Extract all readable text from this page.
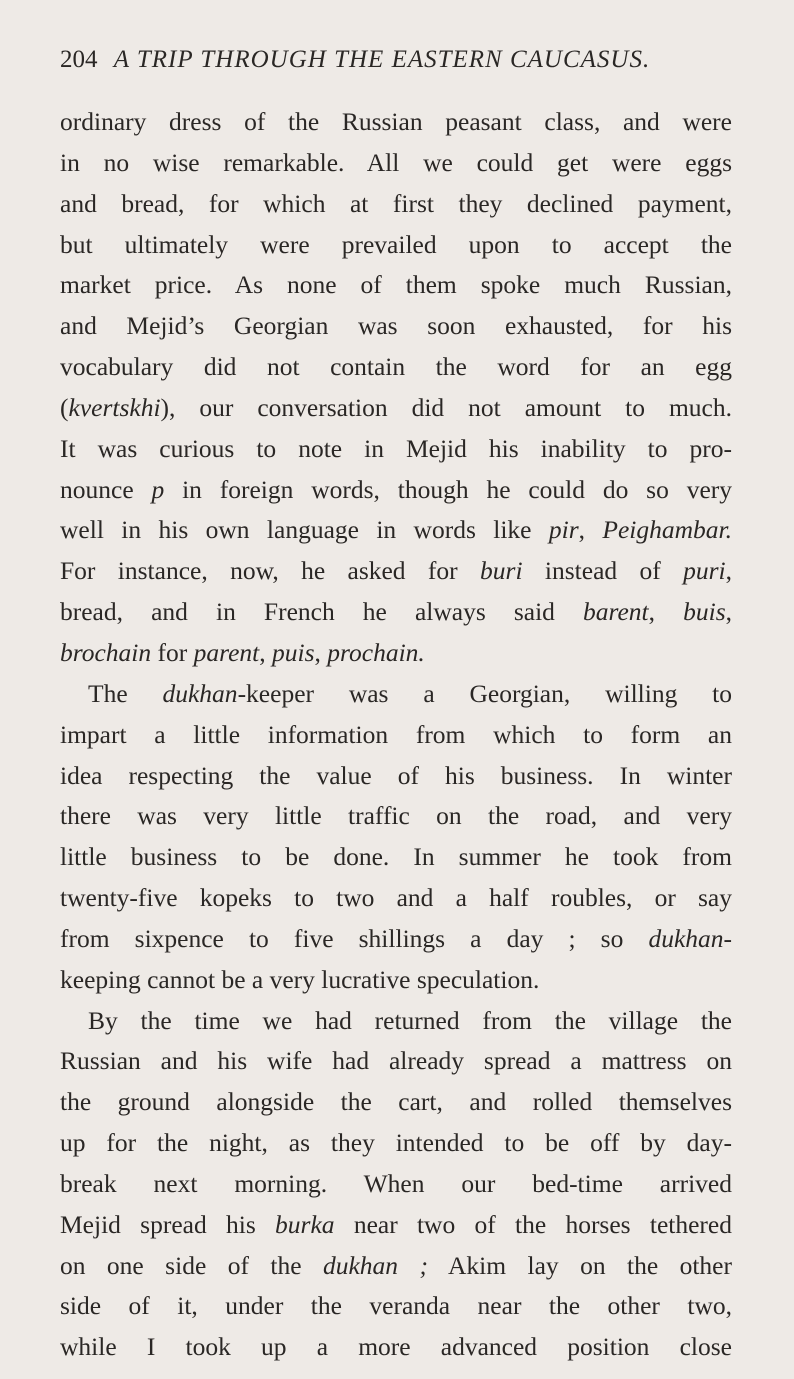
204 A TRIP THROUGH THE EASTERN CAUCASUS.
ordinary dress of the Russian peasant class, and were
in no wise remarkable. All we could get were eggs
and bread, for which at first they declined payment,
but ultimately were prevailed upon to accept the
market price. As none of them spoke much Russian,
and Mejid’s Georgian was soon exhausted, for his
vocabulary did not contain the word for an egg
(kvertskhi), our conversation did not amount to much.
It was curious to note in Mejid his inability to pro-
nounce p in foreign words, though he could do so very
well in his own language in words like pir, Peighambar.
For instance, now, he asked for buri instead of puri,
bread, and in French he always said barent, buis,
brochain for parent, puis, prochain.
The dukhan-keeper was a Georgian, willing to
impart a little information from which to form an
idea respecting the value of his business. In winter
there was very little traffic on the road, and very
little business to be done. In summer he took from
twenty-five kopeks to two and a half roubles, or say
from sixpence to five shillings a day ; so dukhan-
keeping cannot be a very lucrative speculation.
By the time we had returned from the village the
Russian and his wife had already spread a mattress on
the ground alongside the cart, and rolled themselves
up for the night, as they intended to be off by day-
break next morning. When our bed-time arrived
Mejid spread his burka near two of the horses tethered
on one side of the dukhan ; Akim lay on the other
side of it, under the veranda near the other two,
while I took up a more advanced position close
